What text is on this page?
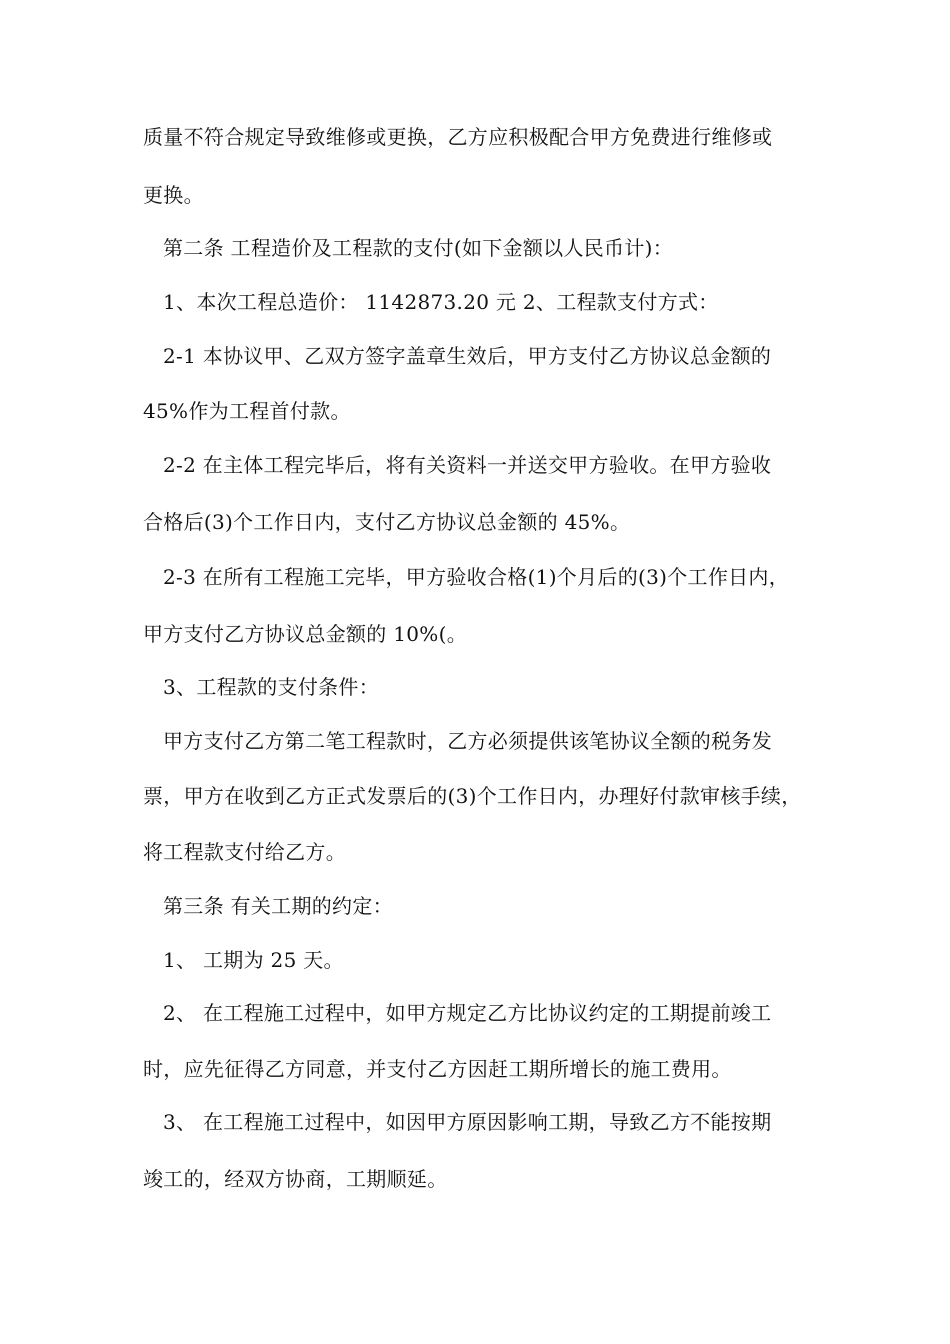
质量不符合规定导致维修或更换，乙方应积极配合甲方免费进行维修或
更换。
第二条 工程造价及工程款的支付(如下金额以人民币计)：
1、本次工程总造价： 1142873.20 元 2、工程款支付方式：
2-1 本协议甲、乙双方签字盖章生效后，甲方支付乙方协议总金额的
45%作为工程首付款。
2-2 在主体工程完毕后，将有关资料一并送交甲方验收。在甲方验收
合格后(3)个工作日内，支付乙方协议总金额的 45%。
2-3 在所有工程施工完毕，甲方验收合格(1)个月后的(3)个工作日内，
甲方支付乙方协议总金额的 10%(。
3、工程款的支付条件：
甲方支付乙方第二笔工程款时，乙方必须提供该笔协议全额的税务发
票，甲方在收到乙方正式发票后的(3)个工作日内，办理好付款审核手续，
将工程款支付给乙方。
第三条 有关工期的约定：
1、 工期为 25 天。
2、 在工程施工过程中，如甲方规定乙方比协议约定的工期提前竣工
时，应先征得乙方同意，并支付乙方因赶工期所增长的施工费用。
3、 在工程施工过程中，如因甲方原因影响工期，导致乙方不能按期
竣工的，经双方协商，工期顺延。
